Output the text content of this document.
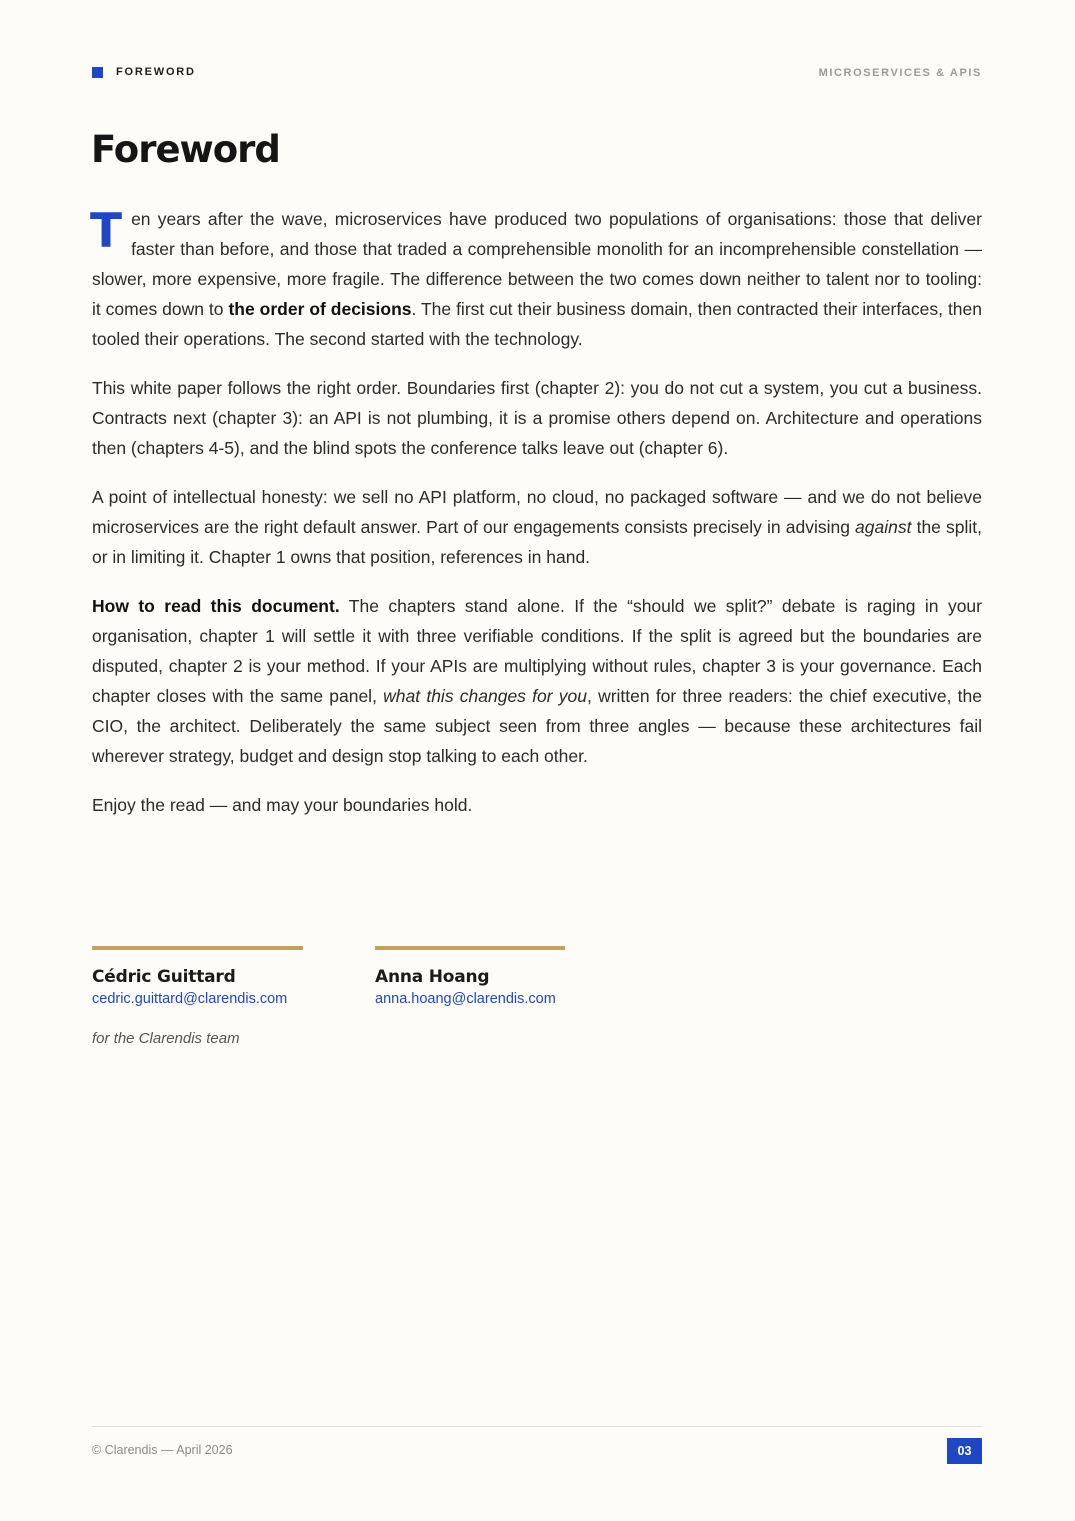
FOREWORD	MICROSERVICES & APIS
Foreword

Ten years after the wave, microservices have produced two populations of organisations: those that deliver faster than before, and those that traded a comprehensible monolith for an incomprehensible constellation — slower, more expensive, more fragile. The difference between the two comes down neither to talent nor to tooling: it comes down to the order of decisions. The first cut their business domain, then contracted their interfaces, then tooled their operations. The second started with the technology.

This white paper follows the right order. Boundaries first (chapter 2): you do not cut a system, you cut a business. Contracts next (chapter 3): an API is not plumbing, it is a promise others depend on. Architecture and operations then (chapters 4-5), and the blind spots the conference talks leave out (chapter 6).

A point of intellectual honesty: we sell no API platform, no cloud, no packaged software — and we do not believe microservices are the right default answer. Part of our engagements consists precisely in advising against the split, or in limiting it. Chapter 1 owns that position, references in hand.

How to read this document. The chapters stand alone. If the “should we split?” debate is raging in your organisation, chapter 1 will settle it with three verifiable conditions. If the split is agreed but the boundaries are disputed, chapter 2 is your method. If your APIs are multiplying without rules, chapter 3 is your governance. Each chapter closes with the same panel, what this changes for you, written for three readers: the chief executive, the CIO, the architect. Deliberately the same subject seen from three angles — because these architectures fail wherever strategy, budget and design stop talking to each other.

Enjoy the read — and may your boundaries hold.

Cédric Guittard
cedric.guittard@clarendis.com
Anna Hoang
anna.hoang@clarendis.com
for the Clarendis team
© Clarendis — April 2026	03
